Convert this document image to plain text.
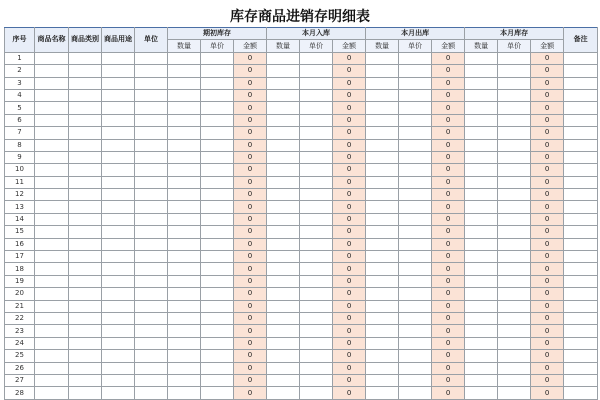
库存商品进销存明细表
序号	商品名称	商品类别	商品用途	单位	期初库存			本月入库			本月出库			本月库存			备注
					数量	单价	金额	数量	单价	金额	数量	单价	金额	数量	单价	金额	
1							0			0			0			0	
2							0			0			0			0	
3							0			0			0			0	
4							0			0			0			0	
5							0			0			0			0	
6							0			0			0			0	
7							0			0			0			0	
8							0			0			0			0	
9							0			0			0			0	
10							0			0			0			0	
11							0			0			0			0	
12							0			0			0			0	
13							0			0			0			0	
14							0			0			0			0	
15							0			0			0			0	
16							0			0			0			0	
17							0			0			0			0	
18							0			0			0			0	
19							0			0			0			0	
20							0			0			0			0	
21							0			0			0			0	
22							0			0			0			0	
23							0			0			0			0	
24							0			0			0			0	
25							0			0			0			0	
26							0			0			0			0	
27							0			0			0			0	
28							0			0			0			0	
